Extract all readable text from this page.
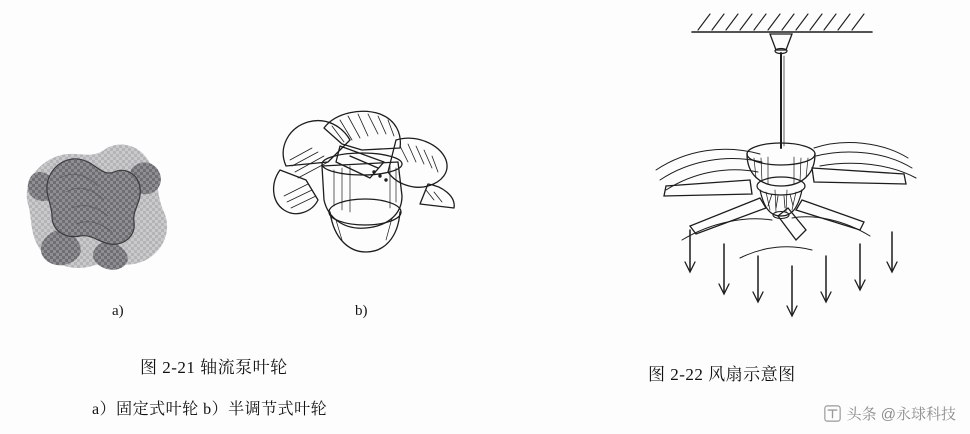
a)	b)
图 2-21 轴流泵叶轮
a）固定式叶轮 b）半调节式叶轮
图 2-22 风扇示意图
头条 @永球科技
